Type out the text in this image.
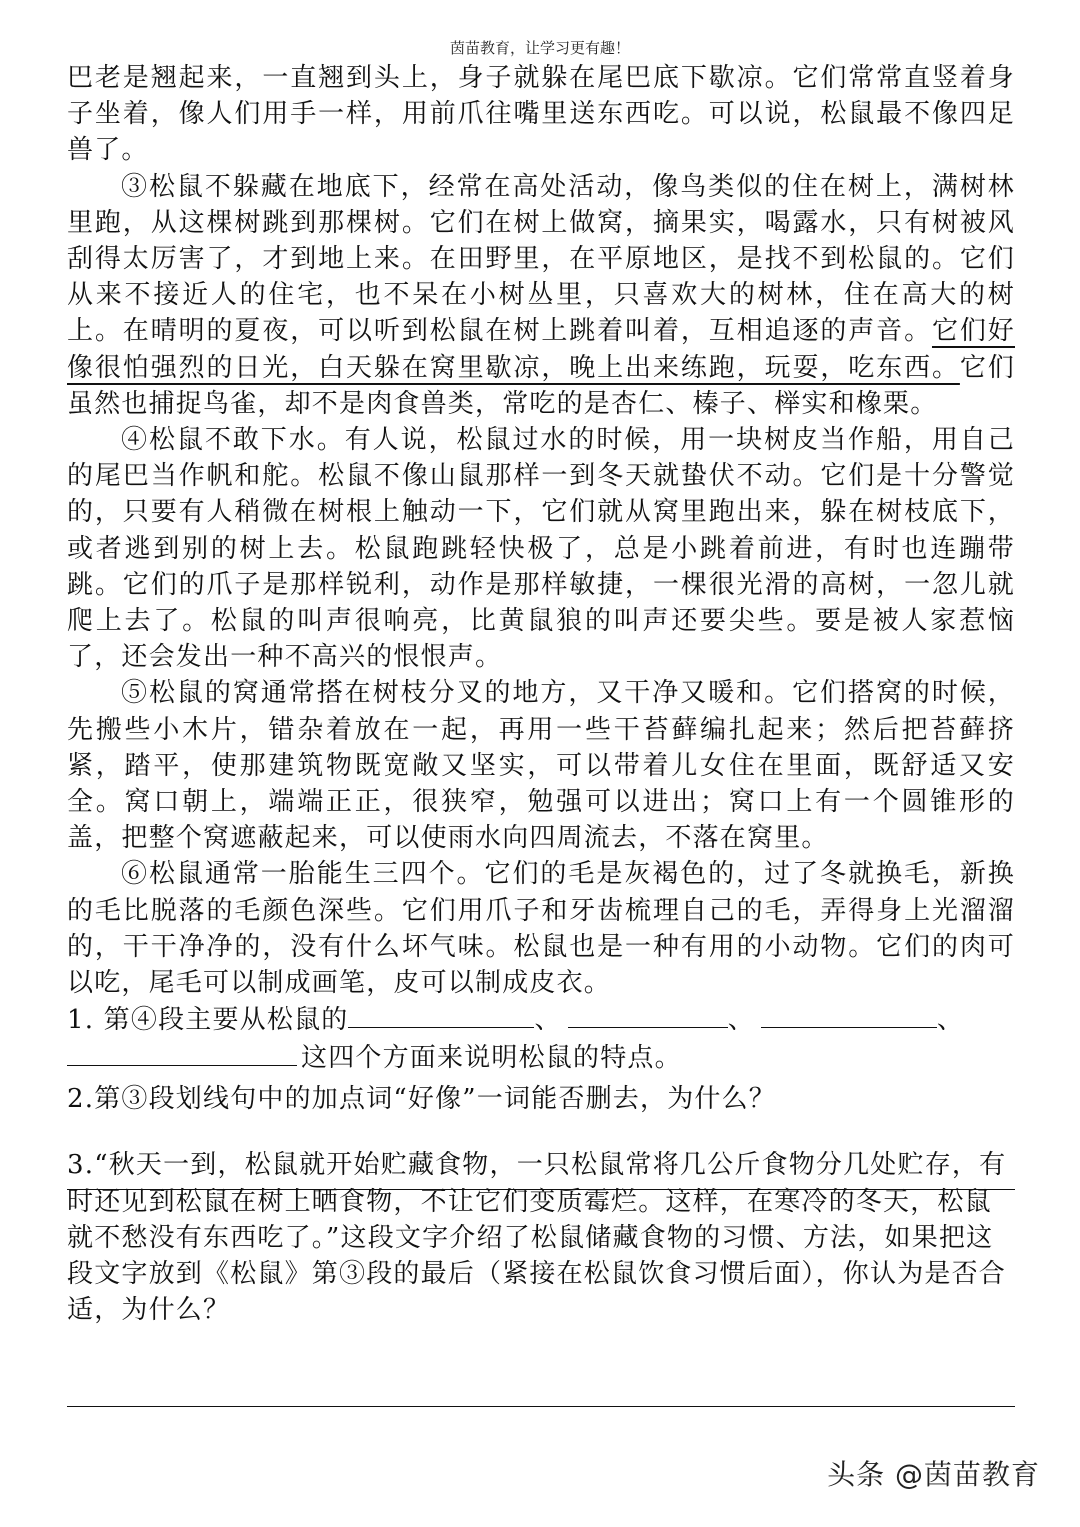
茵苗教育，让学习更有趣！

巴老是翘起来，一直翘到头上，身子就躲在尾巴底下歇凉。它们常常直竖着身子坐着，像人们用手一样，用前爪往嘴里送东西吃。可以说，松鼠最不像四足兽了。

③松鼠不躲藏在地底下，经常在高处活动，像鸟类似的住在树上，满树林里跑，从这棵树跳到那棵树。它们在树上做窝，摘果实，喝露水，只有树被风刮得太厉害了，才到地上来。在田野里，在平原地区，是找不到松鼠的。它们从来不接近人的住宅，也不呆在小树丛里，只喜欢大的树林，住在高大的树上。在晴明的夏夜，可以听到松鼠在树上跳着叫着，互相追逐的声音。它们好像很怕强烈的日光，白天躲在窝里歇凉，晚上出来练跑，玩耍，吃东西。它们虽然也捕捉鸟雀，却不是肉食兽类，常吃的是杏仁、榛子、榉实和橡栗。

④松鼠不敢下水。有人说，松鼠过水的时候，用一块树皮当作船，用自己的尾巴当作帆和舵。松鼠不像山鼠那样一到冬天就蛰伏不动。它们是十分警觉的，只要有人稍微在树根上触动一下，它们就从窝里跑出来，躲在树枝底下，或者逃到别的树上去。松鼠跑跳轻快极了，总是小跳着前进，有时也连蹦带跳。它们的爪子是那样锐利，动作是那样敏捷，一棵很光滑的高树，一忽儿就爬上去了。松鼠的叫声很响亮，比黄鼠狼的叫声还要尖些。要是被人家惹恼了，还会发出一种不高兴的恨恨声。

⑤松鼠的窝通常搭在树枝分叉的地方，又干净又暖和。它们搭窝的时候，先搬些小木片，错杂着放在一起，再用一些干苔藓编扎起来；然后把苔藓挤紧，踏平，使那建筑物既宽敞又坚实，可以带着儿女住在里面，既舒适又安全。窝口朝上，端端正正，很狭窄，勉强可以进出；窝口上有一个圆锥形的盖，把整个窝遮蔽起来，可以使雨水向四周流去，不落在窝里。

⑥松鼠通常一胎能生三四个。它们的毛是灰褐色的，过了冬就换毛，新换的毛比脱落的毛颜色深些。它们用爪子和牙齿梳理自己的毛，弄得身上光溜溜的，干干净净的，没有什么坏气味。松鼠也是一种有用的小动物。它们的肉可以吃，尾毛可以制成画笔，皮可以制成皮衣。

1. 第④段主要从松鼠的	、	、	、
这四个方面来说明松鼠的特点。
2.第③段划线句中的加点词“好像”一词能否删去，为什么？
3.“秋天一到，松鼠就开始贮藏食物，一只松鼠常将几公斤食物分几处贮存，有时还见到松鼠在树上晒食物，不让它们变质霉烂。这样，在寒冷的冬天，松鼠就不愁没有东西吃了。”这段文字介绍了松鼠储藏食物的习惯、方法，如果把这段文字放到《松鼠》第③段的最后（紧接在松鼠饮食习惯后面），你认为是否合适，为什么？
头条 @茵苗教育
